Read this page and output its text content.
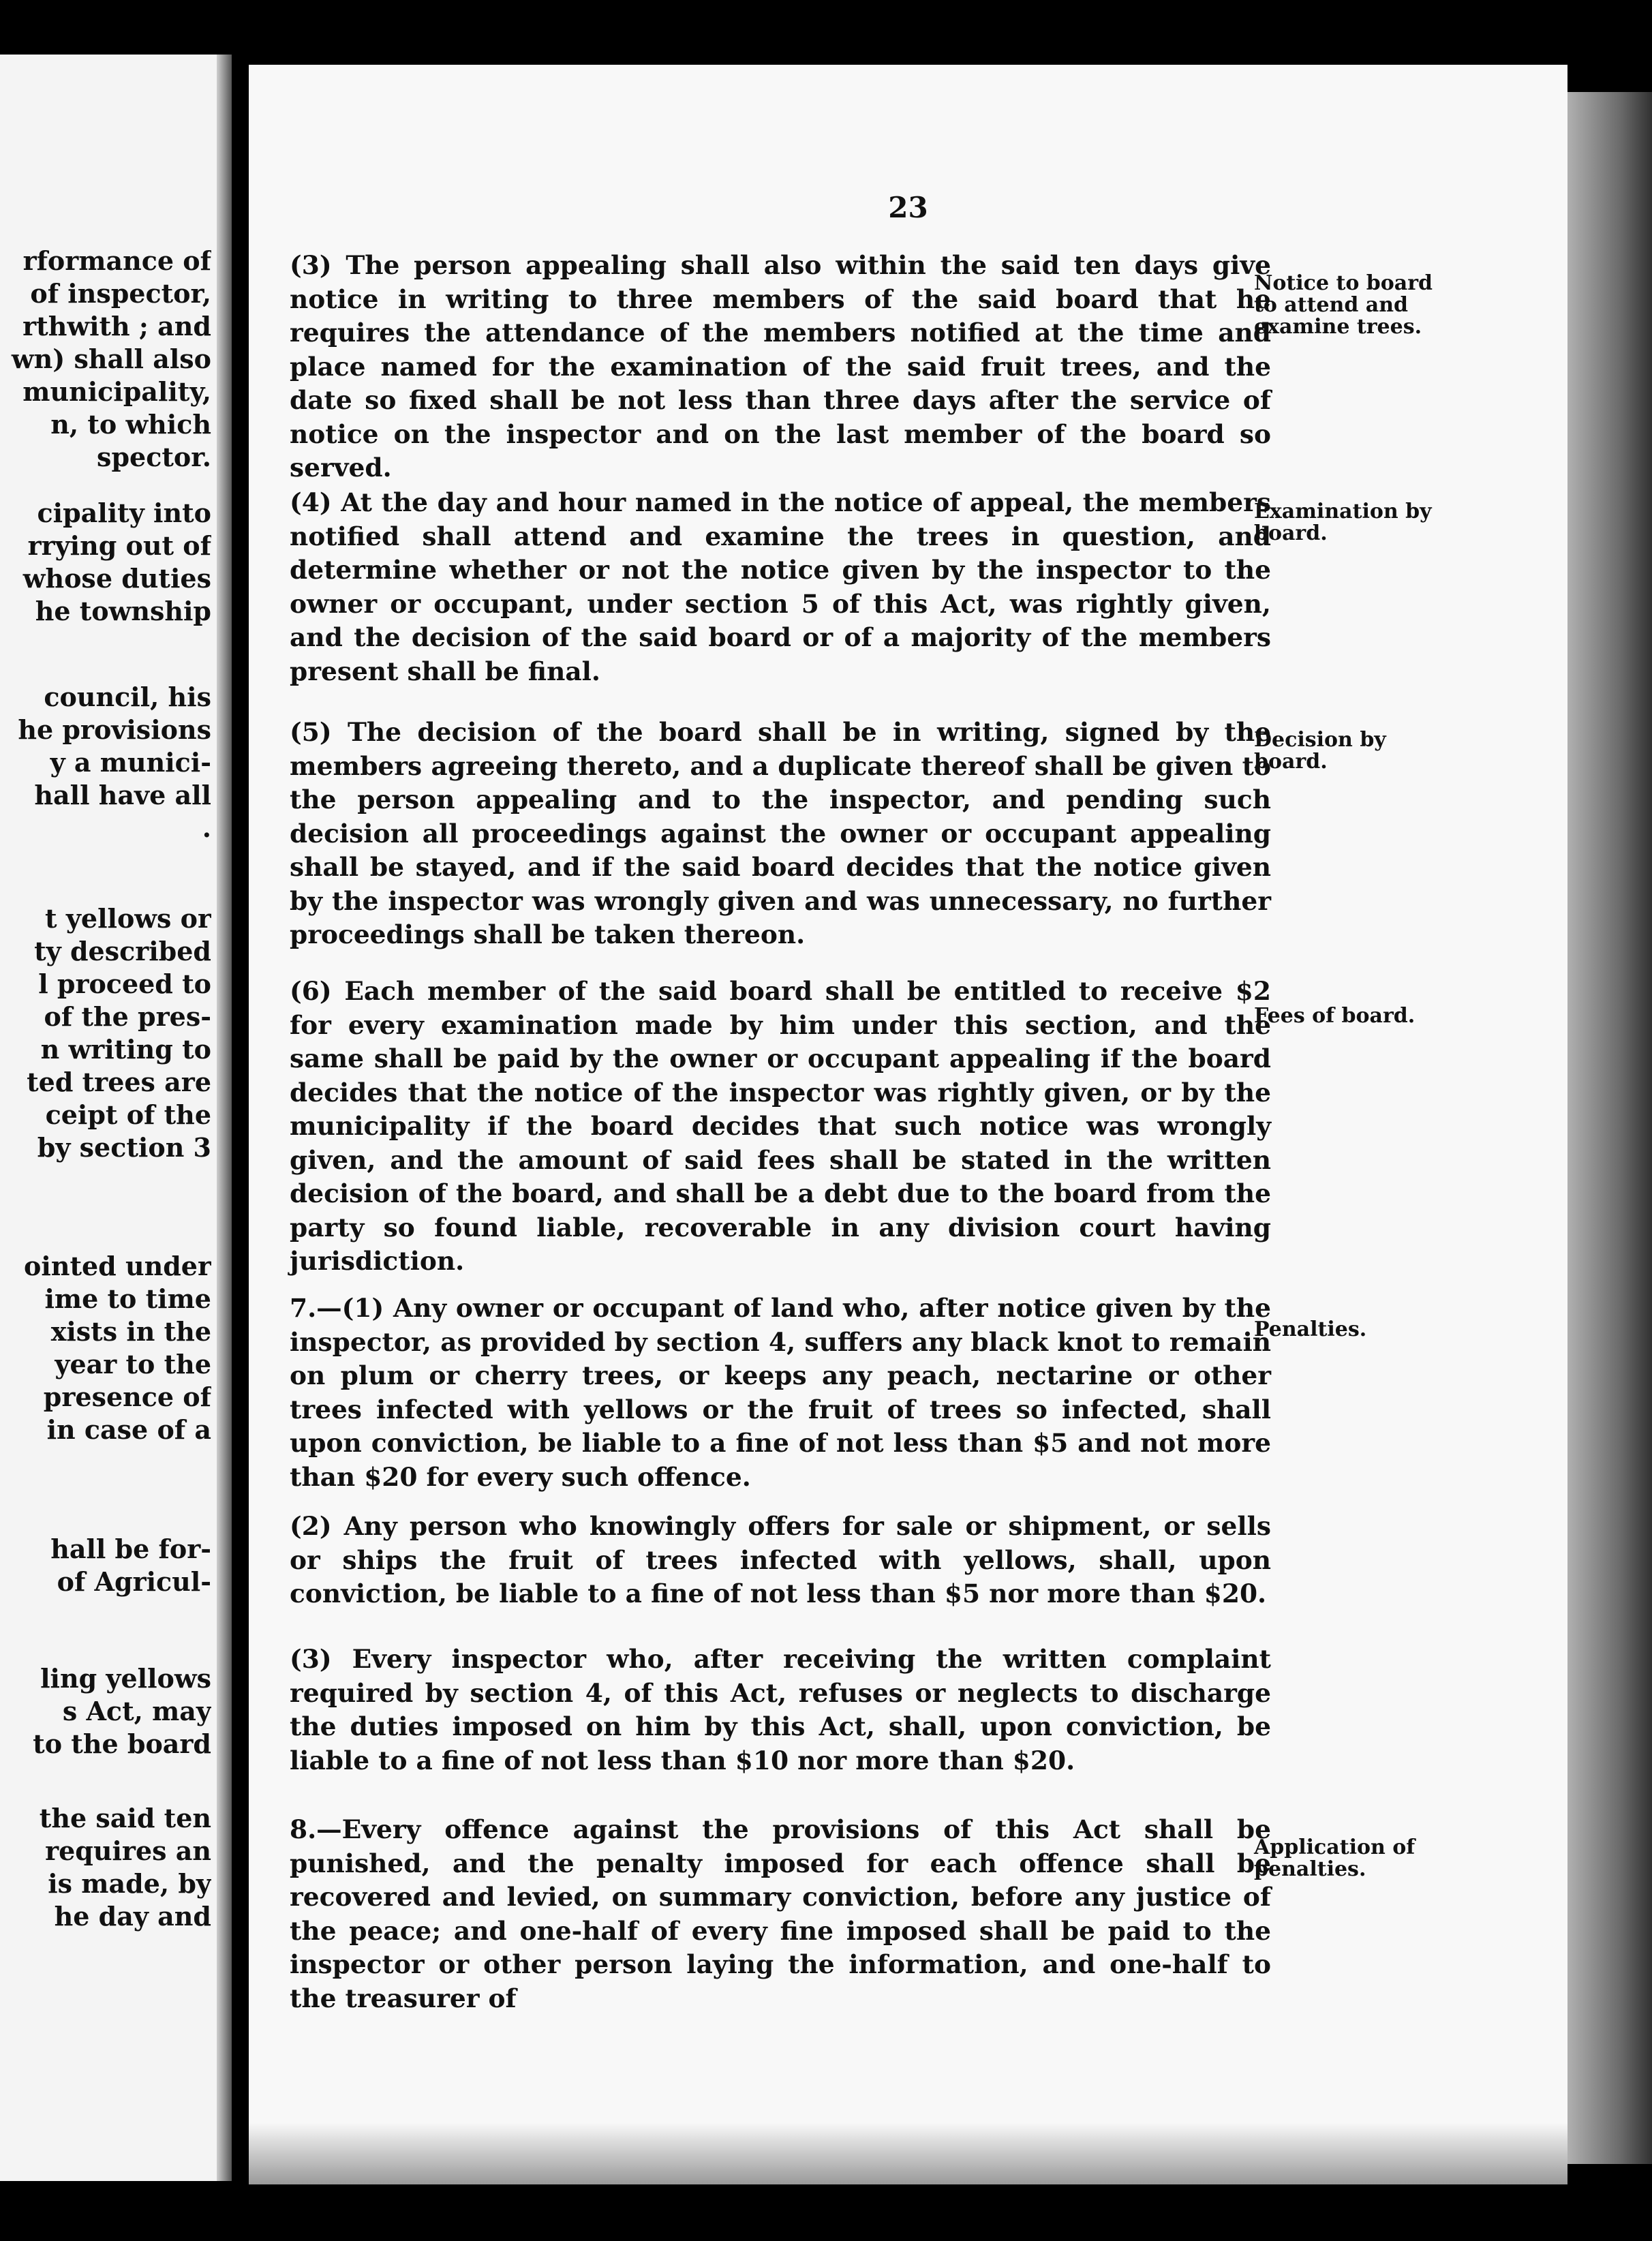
rformance of
of inspector,
rthwith ; and
wn) shall also
municipality,
n, to which
spector.
cipality into
rrying out of
whose duties
he township
council, his
he provisions
y a munici-
hall have all
.
t yellows or
ty described
l proceed to
of the pres-
n writing to
ted trees are
ceipt of the
by section 3
ointed under
ime to time
xists in the
year to the
presence of
in case of a
hall be for-
of Agricul-
ling yellows
s Act, may
to the board
the said ten
requires an
is made, by
he day and
23

(3) The person appealing shall also within the said ten days give notice in writing to three members of the said board that he requires the attendance of the members notified at the time and place named for the examination of the said fruit trees, and the date so fixed shall be not less than three days after the service of notice on the inspector and on the last member of the board so served.

Notice to board to attend and examine trees.

(4) At the day and hour named in the notice of appeal, the members notified shall attend and examine the trees in question, and determine whether or not the notice given by the inspector to the owner or occupant, under section 5 of this Act, was rightly given, and the decision of the said board or of a majority of the members present shall be final.

Examination by board.

(5) The decision of the board shall be in writing, signed by the members agreeing thereto, and a duplicate thereof shall be given to the person appealing and to the inspector, and pending such decision all proceedings against the owner or occupant appealing shall be stayed, and if the said board decides that the notice given by the inspector was wrongly given and was unnecessary, no further proceedings shall be taken thereon.

Decision by board.

(6) Each member of the said board shall be entitled to receive $2 for every examination made by him under this section, and the same shall be paid by the owner or occupant appealing if the board decides that the notice of the inspector was rightly given, or by the municipality if the board decides that such notice was wrongly given, and the amount of said fees shall be stated in the written decision of the board, and shall be a debt due to the board from the party so found liable, recoverable in any division court having jurisdiction.

Fees of board.

7.—(1) Any owner or occupant of land who, after notice given by the inspector, as provided by section 4, suffers any black knot to remain on plum or cherry trees, or keeps any peach, nectarine or other trees infected with yellows or the fruit of trees so infected, shall upon conviction, be liable to a fine of not less than $5 and not more than $20 for every such offence.

Penalties.

(2) Any person who knowingly offers for sale or shipment, or sells or ships the fruit of trees infected with yellows, shall, upon conviction, be liable to a fine of not less than $5 nor more than $20.

(3) Every inspector who, after receiving the written complaint required by section 4, of this Act, refuses or neglects to discharge the duties imposed on him by this Act, shall, upon conviction, be liable to a fine of not less than $10 nor more than $20.

8.—Every offence against the provisions of this Act shall be punished, and the penalty imposed for each offence shall be recovered and levied, on summary conviction, before any justice of the peace; and one-half of every fine imposed shall be paid to the inspector or other person laying the information, and one-half to the treasurer of

Application of penalties.
